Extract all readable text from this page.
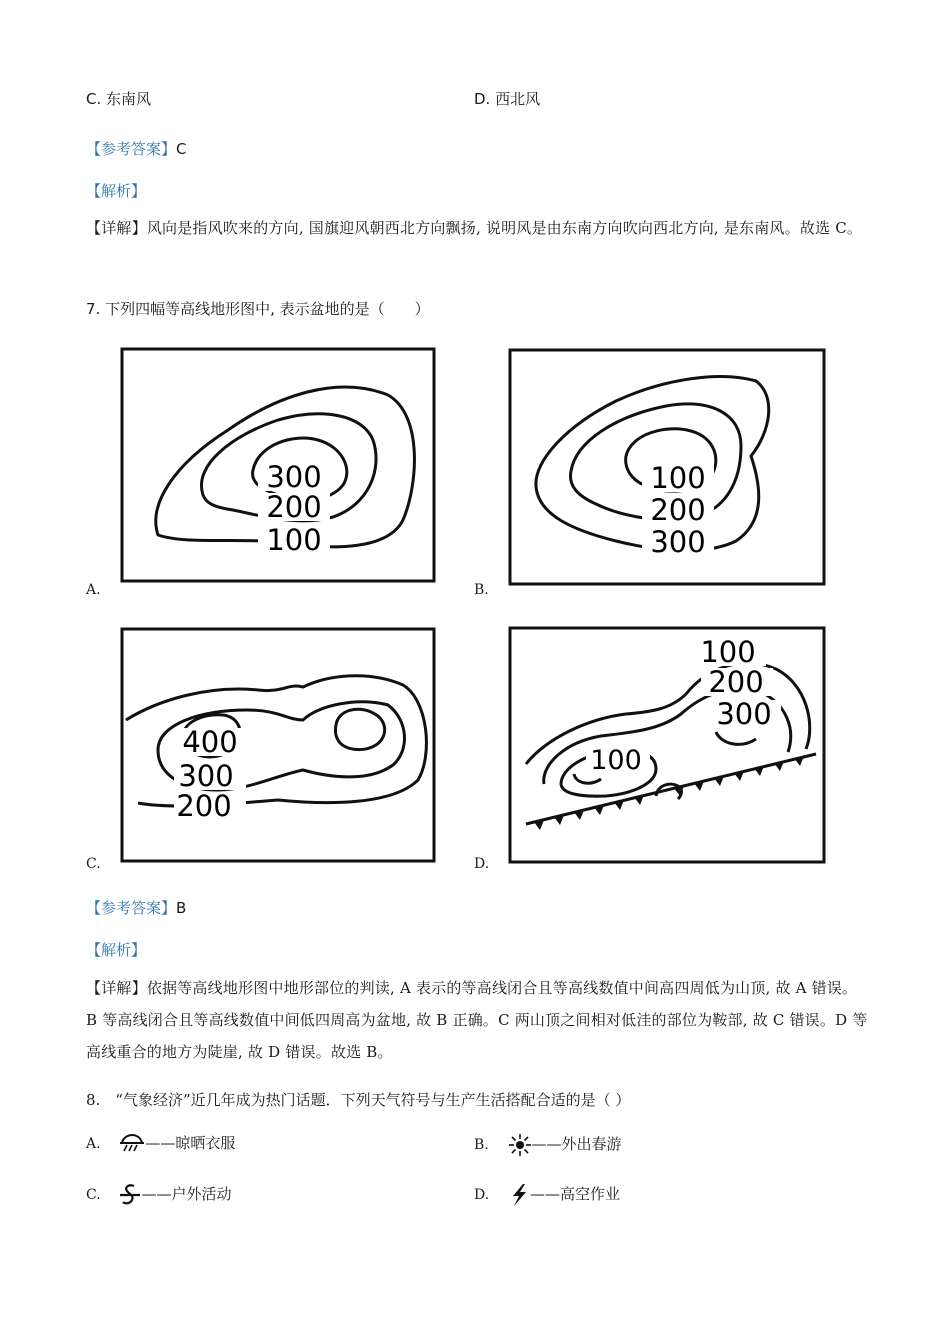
C. 东南风	D. 西北风
【参考答案】C
【解析】
【详解】风向是指风吹来的方向, 国旗迎风朝西北方向飘扬, 说明风是由东南方向吹向西北方向, 是东南风。故选 C。
7. 下列四幅等高线地形图中, 表示盆地的是（　　）
300
200
100
A.
100
200
300
B.
400
300
200
C.
100
200
300
100
D.
【参考答案】B
【解析】
【详解】依据等高线地形图中地形部位的判读, A 表示的等高线闭合且等高线数值中间高四周低为山顶, 故 A 错误。B 等高线闭合且等高线数值中间低四周高为盆地, 故 B 正确。C 两山顶之间相对低洼的部位为鞍部, 故 C 错误。D 等高线重合的地方为陡崖, 故 D 错误。故选 B。
8.　“气象经济”近几年成为热门话题．下列天气符号与生产生活搭配合适的是（ ）
A.	——晾晒衣服	B.	——外出春游
C.	——户外活动	D.	——高空作业
